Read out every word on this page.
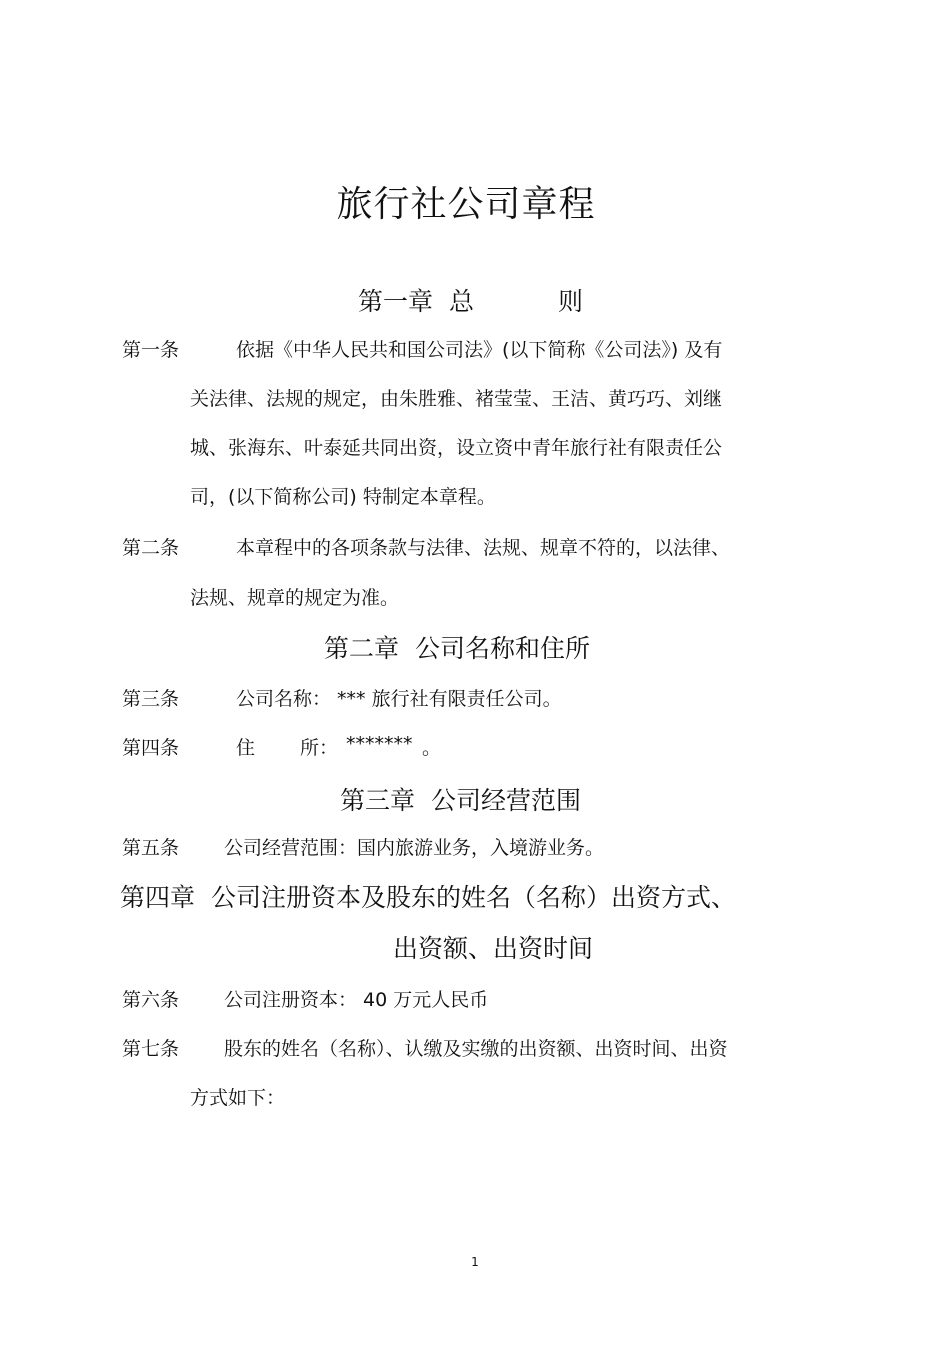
旅行社公司章程
第一章 总	则
第一条	依据《中华人民共和国公司法》(以下简称《公司法》) 及有
关法律、法规的规定，由朱胜雅、褚莹莹、王洁、黄巧巧、刘继
城、张海东、叶泰延共同出资，设立资中青年旅行社有限责任公
司，(以下简称公司) 特制定本章程。
第二条	本章程中的各项条款与法律、法规、规章不符的，以法律、
法规、规章的规定为准。
第二章 公司名称和住所
第三条	公司名称： *** 旅行社有限责任公司。
第四条	住 所： ******* 。
第三章 公司经营范围
第五条 公司经营范围：国内旅游业务，入境游业务。
第四章 公司注册资本及股东的姓名（名称）出资方式、
出资额、出资时间
第六条 公司注册资本： 40 万元人民币
第七条 股东的姓名（名称）、认缴及实缴的出资额、出资时间、出资
方式如下：
1
